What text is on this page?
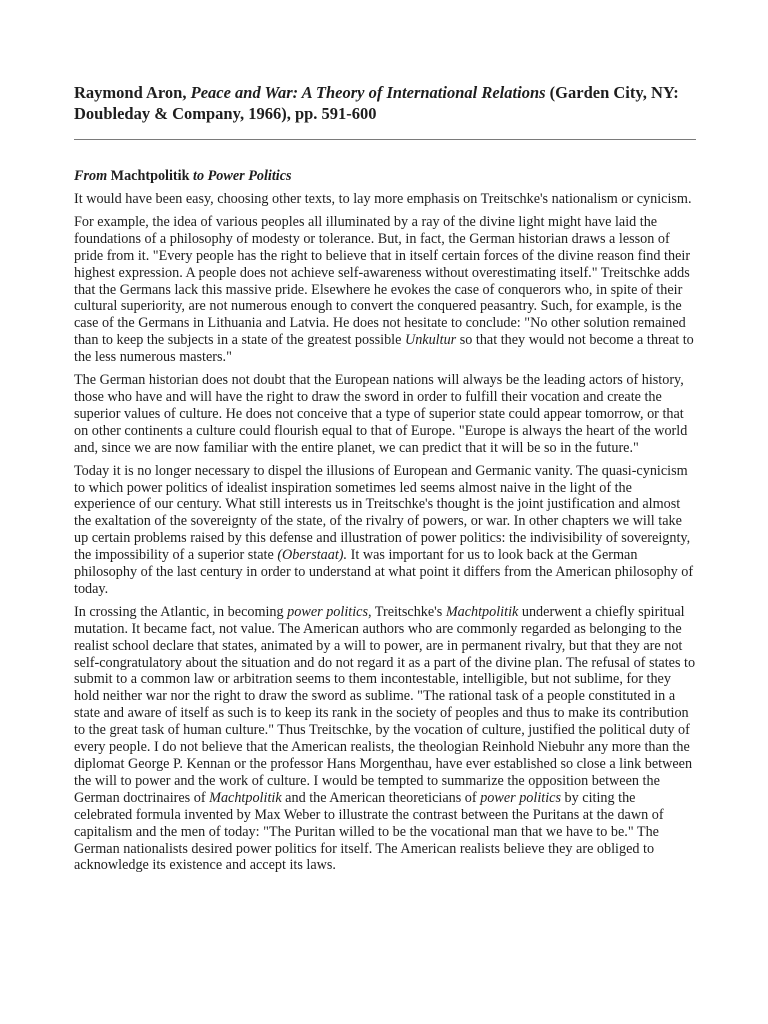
Raymond Aron, Peace and War: A Theory of International Relations (Garden City, NY: Doubleday & Company, 1966), pp. 591-600
From Machtpolitik to Power Politics

It would have been easy, choosing other texts, to lay more emphasis on Treitschke's nationalism or cynicism.

For example, the idea of various peoples all illuminated by a ray of the divine light might have laid the foundations of a philosophy of modesty or tolerance. But, in fact, the German historian draws a lesson of pride from it. "Every people has the right to believe that in itself certain forces of the divine reason find their highest expression. A people does not achieve self-awareness without overestimating itself." Treitschke adds that the Germans lack this massive pride. Elsewhere he evokes the case of conquerors who, in spite of their cultural superiority, are not numerous enough to convert the conquered peasantry. Such, for example, is the case of the Germans in Lithuania and Latvia. He does not hesitate to conclude: "No other solution remained than to keep the subjects in a state of the greatest possible Unkultur so that they would not become a threat to the less numerous masters."

The German historian does not doubt that the European nations will always be the leading actors of history, those who have and will have the right to draw the sword in order to fulfill their vocation and create the superior values of culture. He does not conceive that a type of superior state could appear tomorrow, or that on other continents a culture could flourish equal to that of Europe. "Europe is always the heart of the world and, since we are now familiar with the entire planet, we can predict that it will be so in the future."

Today it is no longer necessary to dispel the illusions of European and Germanic vanity. The quasi-cynicism to which power politics of idealist inspiration sometimes led seems almost naive in the light of the experience of our century. What still interests us in Treitschke's thought is the joint justification and almost the exaltation of the sovereignty of the state, of the rivalry of powers, or war. In other chapters we will take up certain problems raised by this defense and illustration of power politics: the indivisibility of sovereignty, the impossibility of a superior state (Oberstaat). It was important for us to look back at the German philosophy of the last century in order to understand at what point it differs from the American philosophy of today.

In crossing the Atlantic, in becoming power politics, Treitschke's Machtpolitik underwent a chiefly spiritual mutation. It became fact, not value. The American authors who are commonly regarded as belonging to the realist school declare that states, animated by a will to power, are in permanent rivalry, but that they are not self-congratulatory about the situation and do not regard it as a part of the divine plan. The refusal of states to submit to a common law or arbitration seems to them incontestable, intelligible, but not sublime, for they hold neither war nor the right to draw the sword as sublime. "The rational task of a people constituted in a state and aware of itself as such is to keep its rank in the society of peoples and thus to make its contribution to the great task of human culture." Thus Treitschke, by the vocation of culture, justified the political duty of every people. I do not believe that the American realists, the theologian Reinhold Niebuhr any more than the diplomat George P. Kennan or the professor Hans Morgenthau, have ever established so close a link between the will to power and the work of culture. I would be tempted to summarize the opposition between the German doctrinaires of Machtpolitik and the American theoreticians of power politics by citing the celebrated formula invented by Max Weber to illustrate the contrast between the Puritans at the dawn of capitalism and the men of today: "The Puritan willed to be the vocational man that we have to be." The German nationalists desired power politics for itself. The American realists believe they are obliged to acknowledge its existence and accept its laws.
